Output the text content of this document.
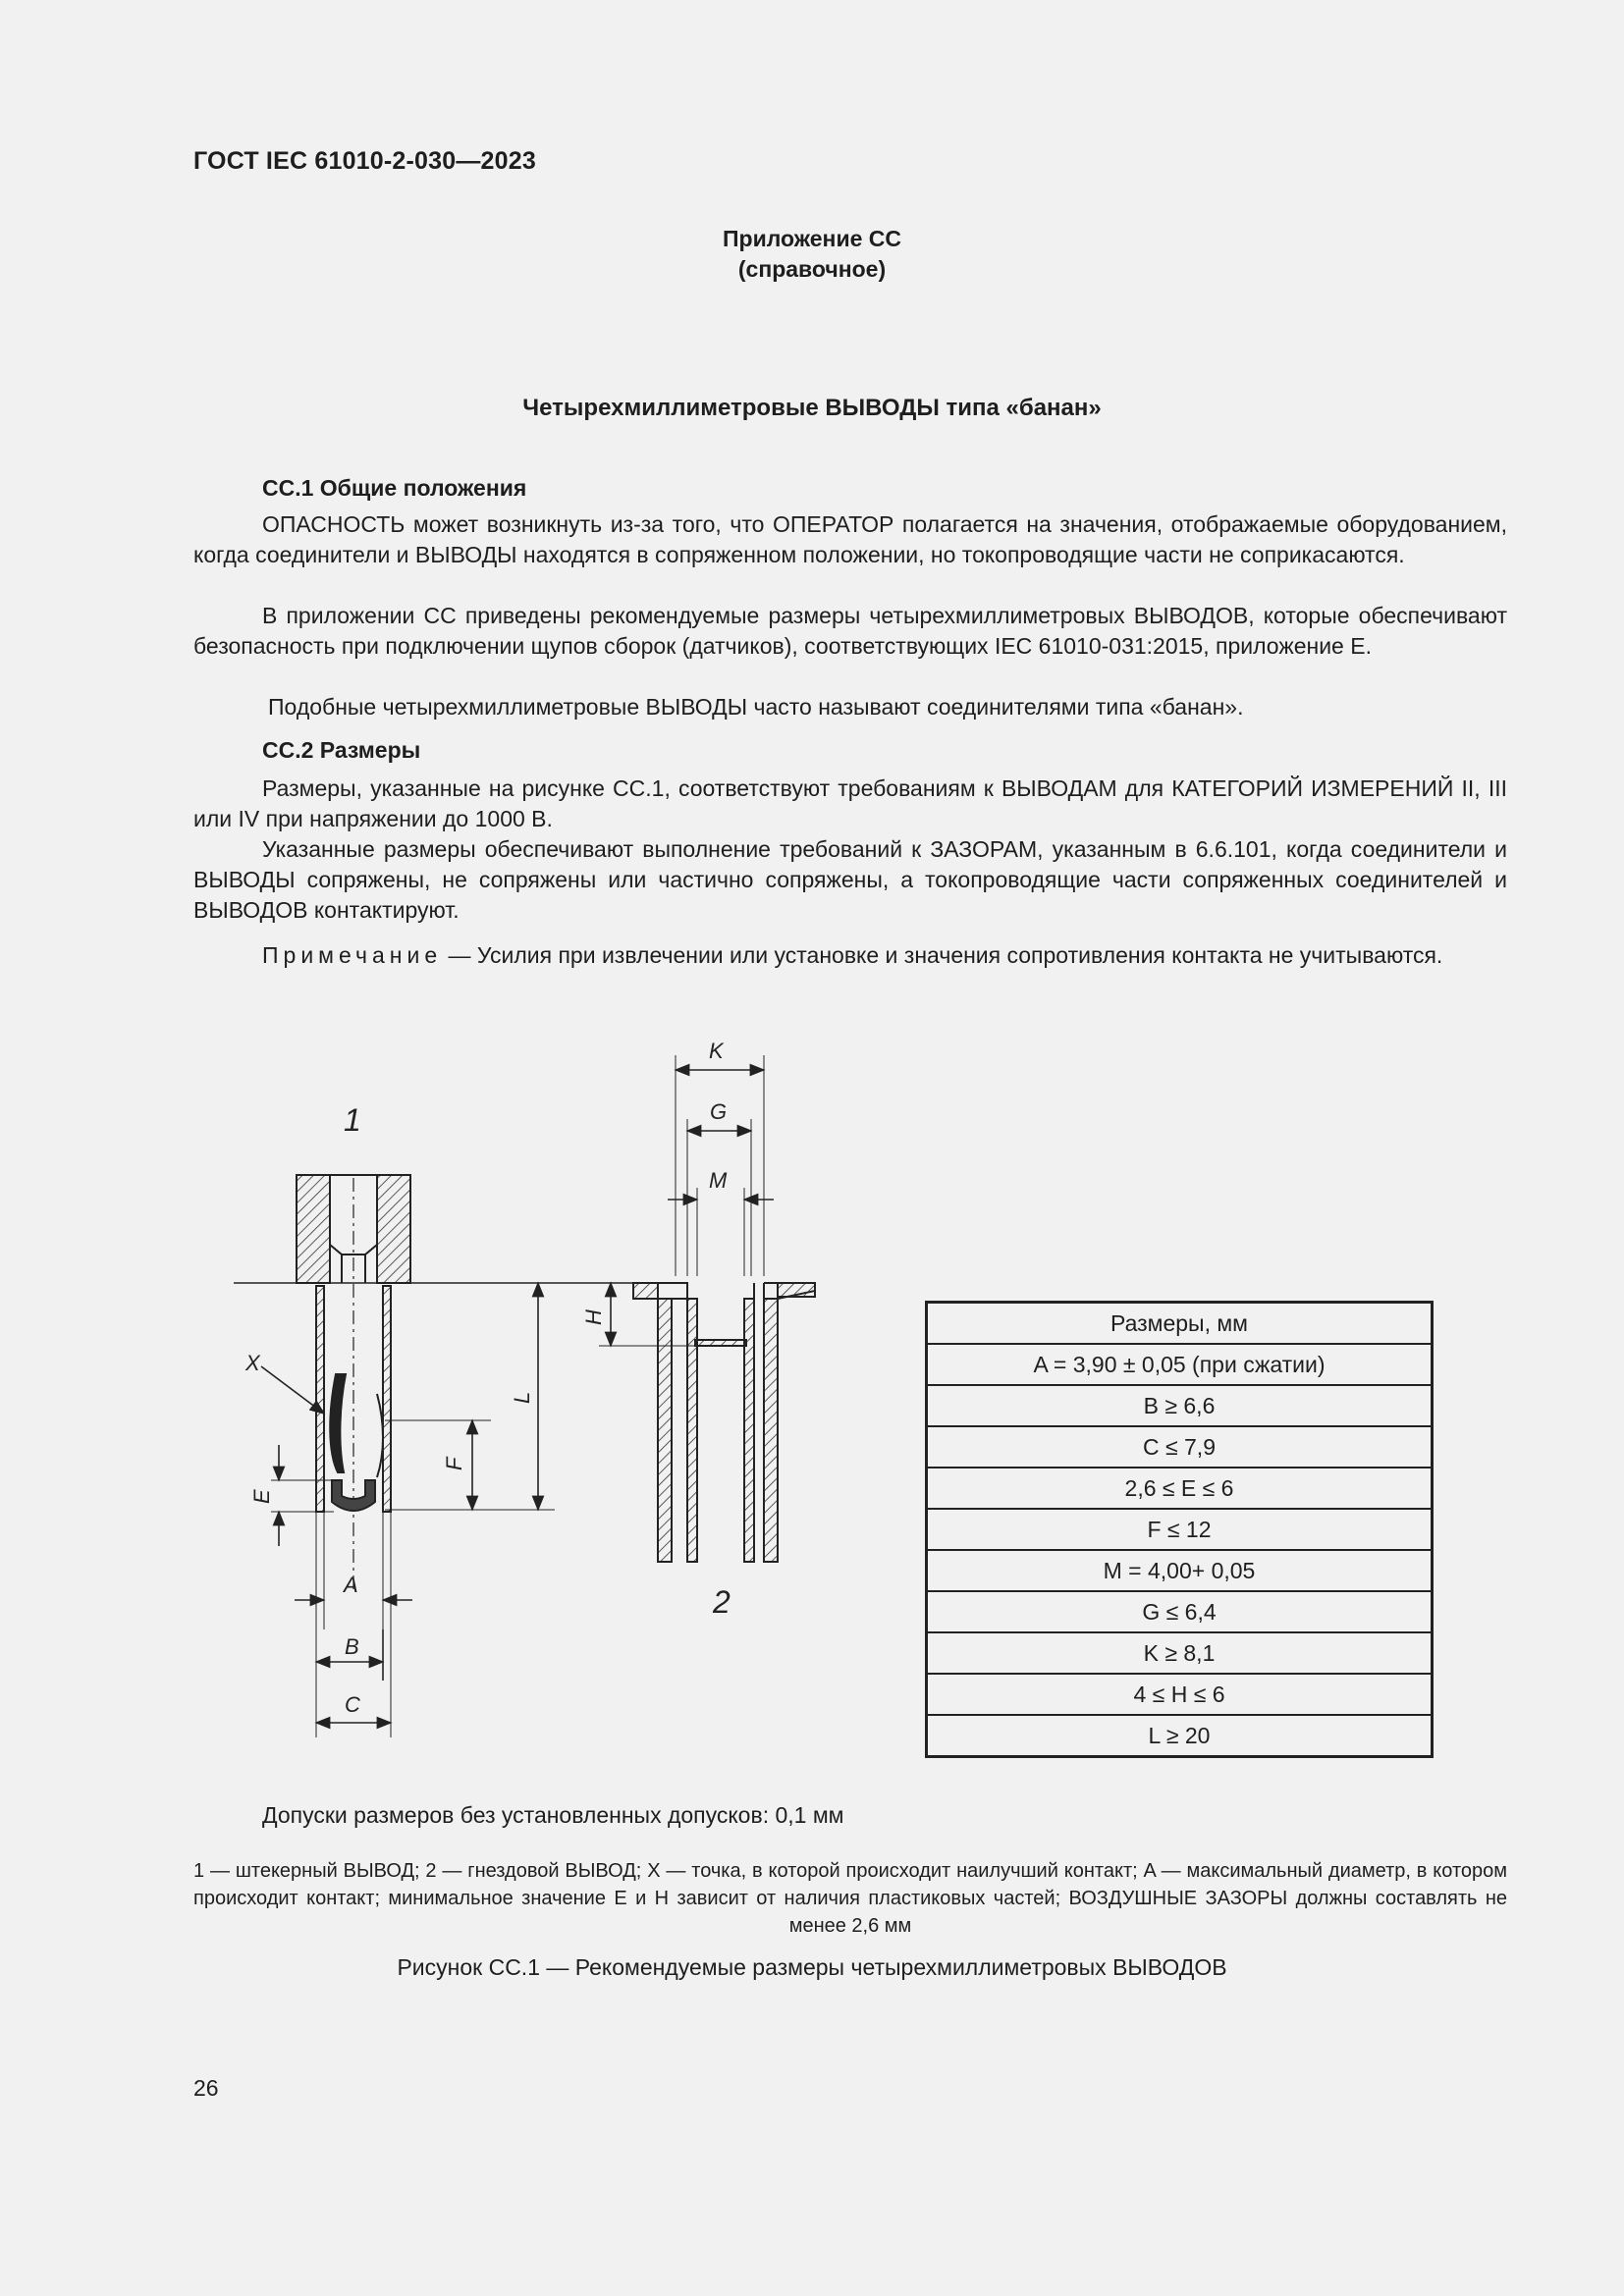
ГОСТ IEC 61010-2-030—2023
Приложение СС
(справочное)
Четырехмиллиметровые ВЫВОДЫ типа «банан»
СС.1 Общие положения

ОПАСНОСТЬ может возникнуть из-за того, что ОПЕРАТОР полагается на значения, отображаемые оборудованием, когда соединители и ВЫВОДЫ находятся в сопряженном положении, но токопроводящие части не соприкасаются.

В приложении СС приведены рекомендуемые размеры четырехмиллиметровых ВЫВОДОВ, которые обеспечивают безопасность при подключении щупов сборок (датчиков), соответствующих IEC 61010-031:2015, приложение E.

Подобные четырехмиллиметровые ВЫВОДЫ часто называют соединителями типа «банан».

СС.2 Размеры

Размеры, указанные на рисунке СС.1, соответствуют требованиям к ВЫВОДАМ для КАТЕГОРИЙ ИЗМЕРЕНИЙ II, III или IV при напряжении до 1000 В.

Указанные размеры обеспечивают выполнение требований к ЗАЗОРАМ, указанным в 6.6.101, когда соединители и ВЫВОДЫ сопряжены, не сопряжены или частично сопряжены, а токопроводящие части сопряженных соединителей и ВЫВОДОВ контактируют.

Примечание — Усилия при извлечении или установке и значения сопротивления контакта не учитываются.

A
B
C
X
E
F
L
1
K
G
M
H
2
Размеры, мм
A = 3,90 ± 0,05 (при сжатии)
B ≥ 6,6
C ≤ 7,9
2,6 ≤ E ≤ 6
F ≤ 12
M = 4,00+ 0,05
G ≤ 6,4
K ≥ 8,1
4 ≤ H ≤ 6
L ≥ 20
Допуски размеров без установленных допусков: 0,1 мм
1 — штекерный ВЫВОД; 2 — гнездовой ВЫВОД; X — точка, в которой происходит наилучший контакт; A — максимальный диаметр, в котором происходит контакт; минимальное значение E и H зависит от наличия пластиковых частей; ВОЗДУШНЫЕ ЗАЗОРЫ должны составлять не менее 2,6 мм
Рисунок СС.1 — Рекомендуемые размеры четырехмиллиметровых ВЫВОДОВ
26
